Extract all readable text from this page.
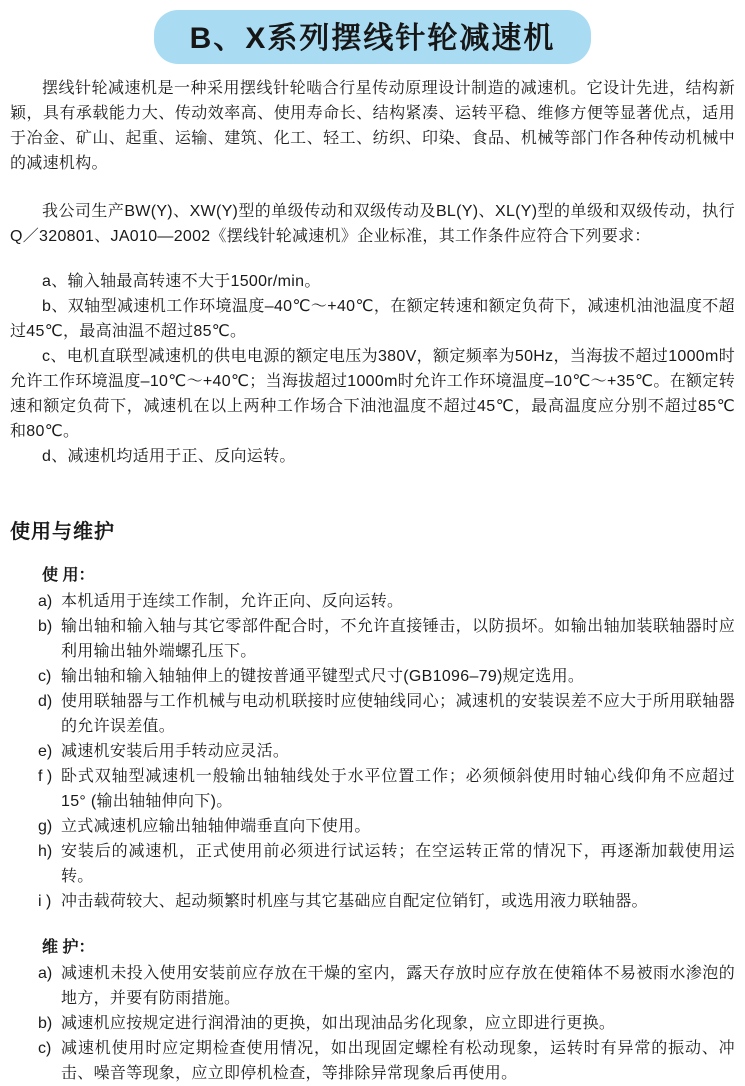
B、X系列摆线针轮减速机

摆线针轮减速机是一种采用摆线针轮啮合行星传动原理设计制造的减速机。它设计先进，结构新颖，具有承载能力大、传动效率高、使用寿命长、结构紧凑、运转平稳、维修方便等显著优点，适用于冶金、矿山、起重、运输、建筑、化工、轻工、纺织、印染、食品、机械等部门作各种传动机械中的减速机构。

我公司生产BW(Y)、XW(Y)型的单级传动和双级传动及BL(Y)、XL(Y)型的单级和双级传动，执行Q／320801、JA010—2002《摆线针轮减速机》企业标准，其工作条件应符合下列要求：

a、输入轴最高转速不大于1500r/min。

b、双轴型减速机工作环境温度–40℃～+40℃，在额定转速和额定负荷下，减速机油池温度不超过45℃，最高油温不超过85℃。

c、电机直联型减速机的供电电源的额定电压为380V，额定频率为50Hz，当海拔不超过1000m时允许工作环境温度–10℃～+40℃；当海拔超过1000m时允许工作环境温度–10℃～+35℃。在额定转速和额定负荷下，减速机在以上两种工作场合下油池温度不超过45℃，最高温度应分别不超过85℃和80℃。

d、减速机均适用于正、反向运转。

使用与维护

使 用：

a) 本机适用于连续工作制，允许正向、反向运转。
b) 输出轴和输入轴与其它零部件配合时，不允许直接锤击，以防损坏。如输出轴加装联轴器时应利用输出轴外端螺孔压下。
c) 输出轴和输入轴轴伸上的键按普通平键型式尺寸(GB1096–79)规定选用。
d) 使用联轴器与工作机械与电动机联接时应使轴线同心；减速机的安装误差不应大于所用联轴器的允许误差值。
e) 减速机安装后用手转动应灵活。
f ) 卧式双轴型减速机一般输出轴轴线处于水平位置工作；必须倾斜使用时轴心线仰角不应超过15° (输出轴轴伸向下)。
g) 立式减速机应输出轴轴伸端垂直向下使用。
h) 安装后的减速机，正式使用前必须进行试运转；在空运转正常的情况下，再逐渐加载使用运转。
i ) 冲击载荷较大、起动频繁时机座与其它基础应自配定位销钉，或选用液力联轴器。

维 护：

a) 减速机未投入使用安装前应存放在干燥的室内，露天存放时应存放在使箱体不易被雨水渗泡的地方，并要有防雨措施。
b) 减速机应按规定进行润滑油的更换，如出现油品劣化现象，应立即进行更换。
c) 减速机使用时应定期检查使用情况，如出现固定螺栓有松动现象，运转时有异常的振动、冲击、噪音等现象，应立即停机检查，等排除异常现象后再使用。
